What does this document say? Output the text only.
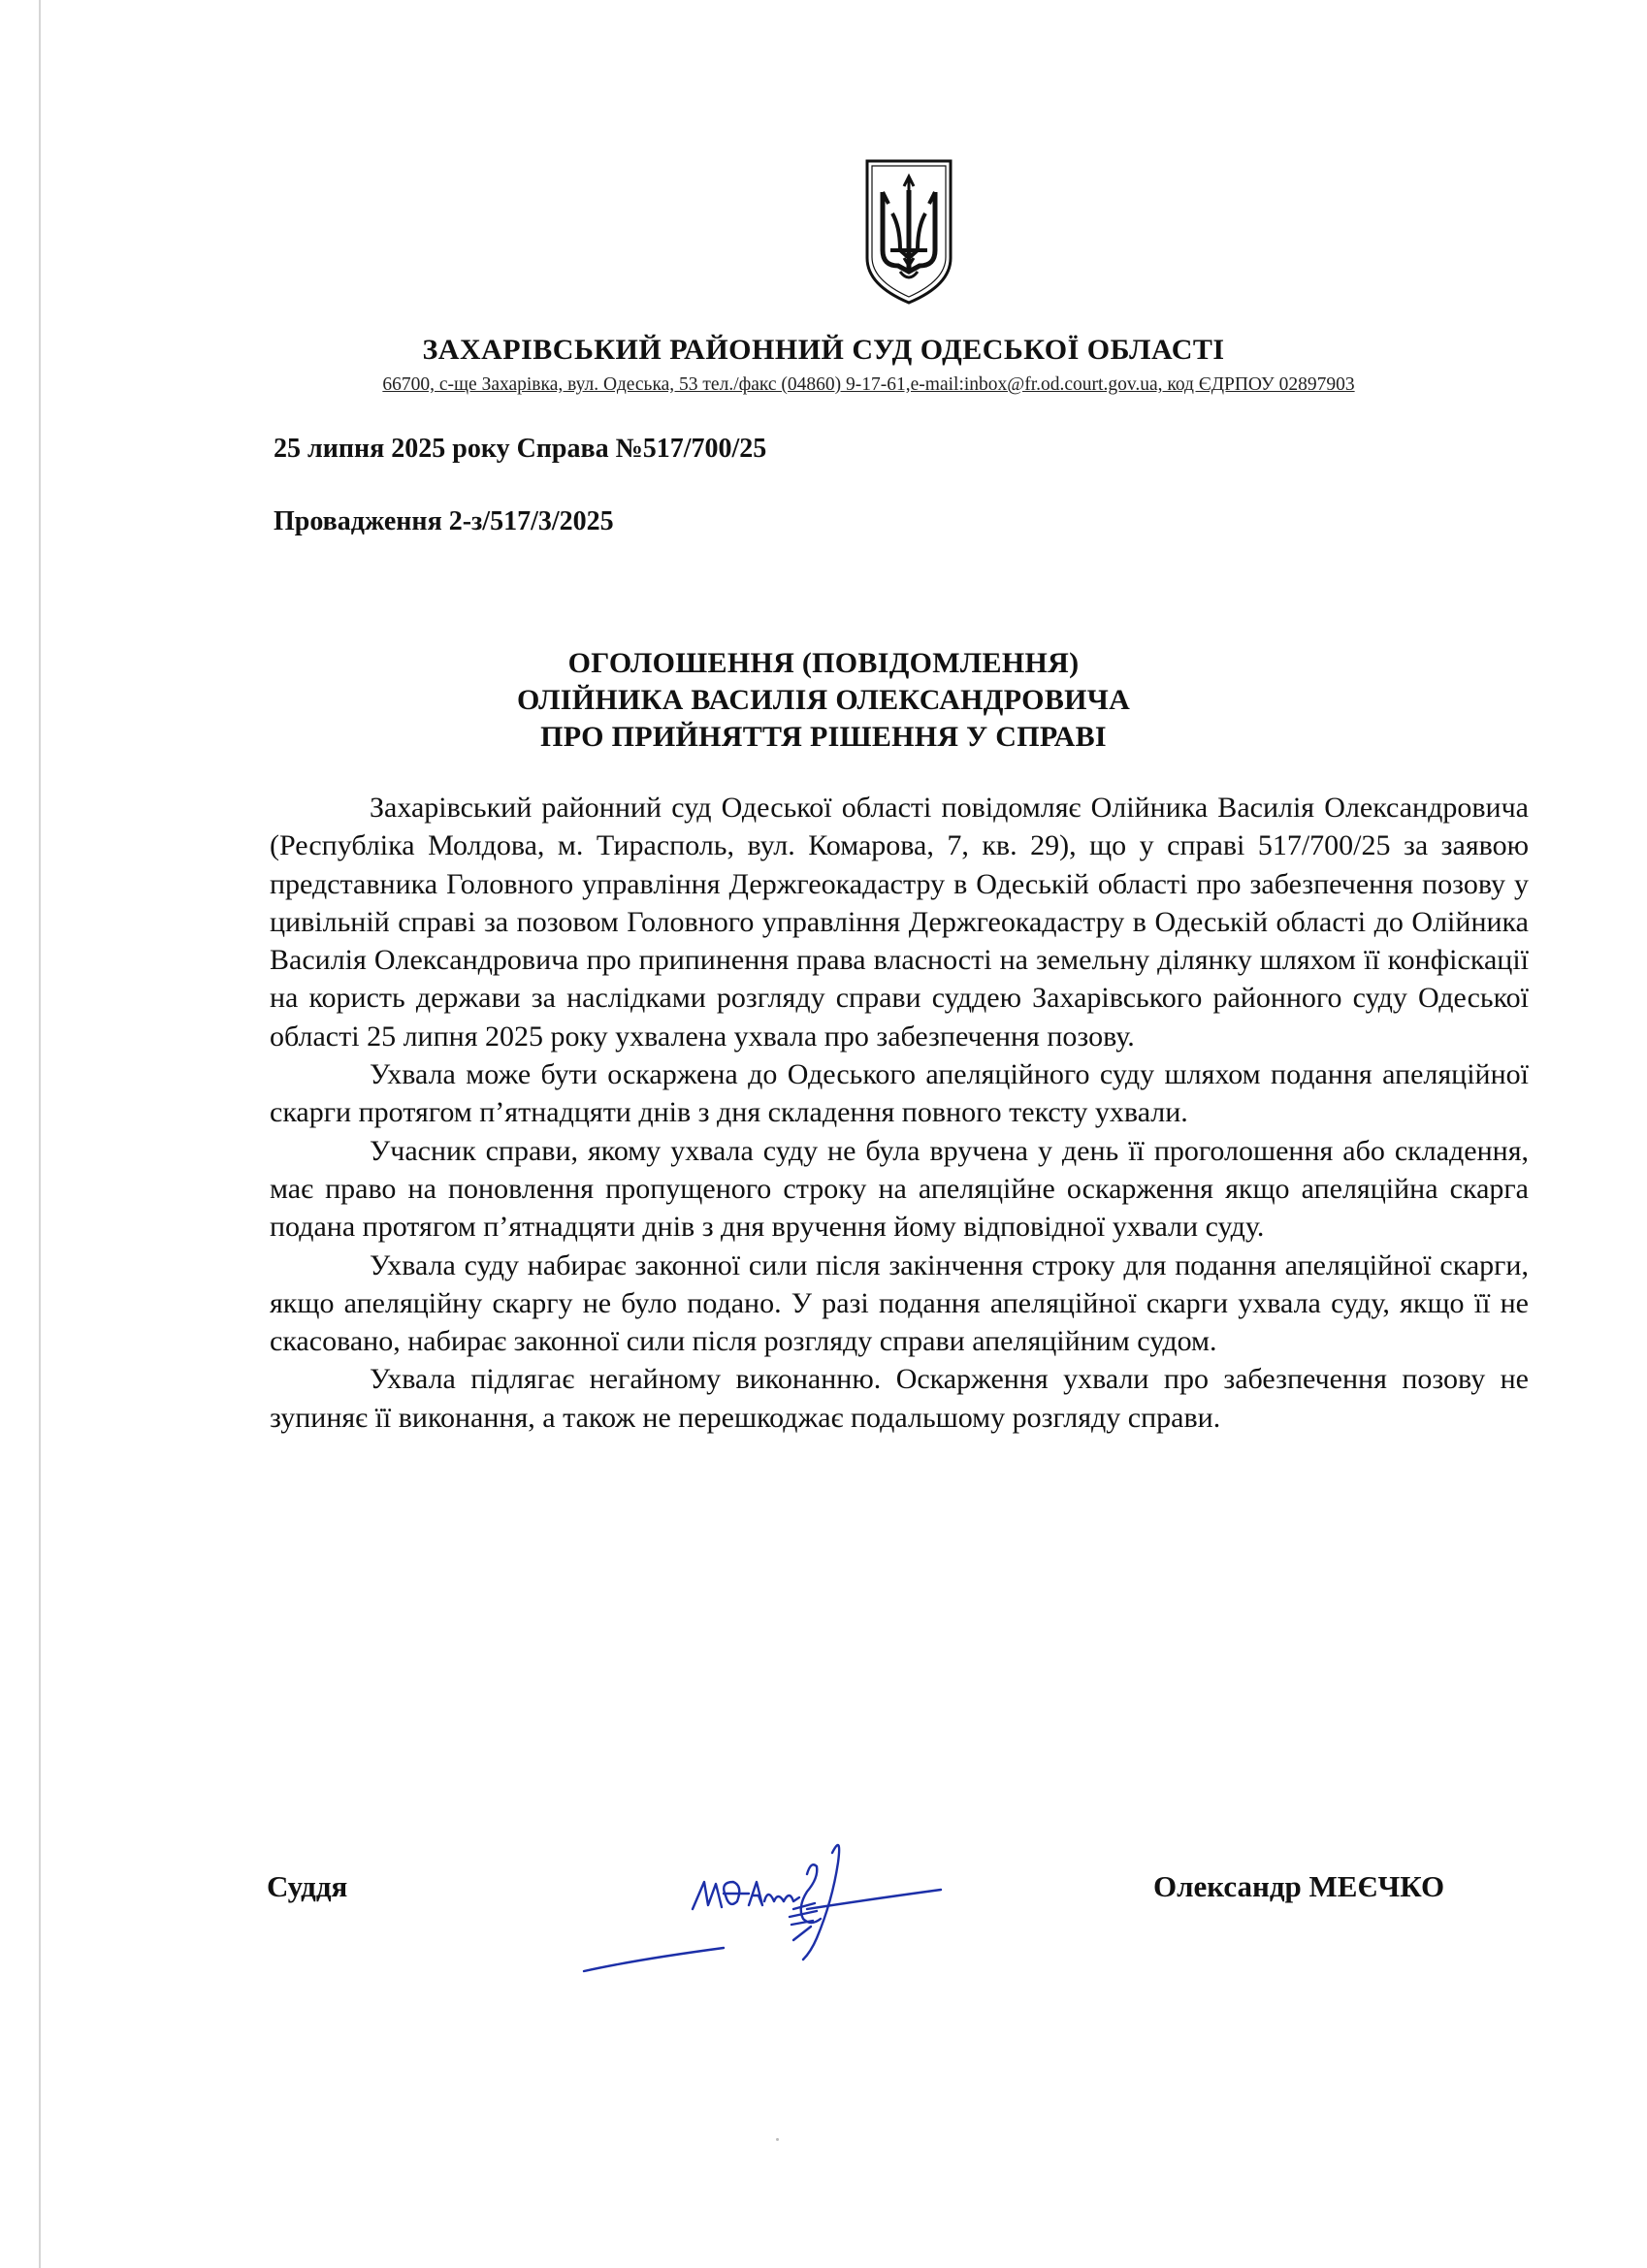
ЗАХАРІВСЬКИЙ РАЙОННИЙ СУД ОДЕСЬКОЇ ОБЛАСТІ
66700, с-ще Захарівка, вул. Одеська, 53 тел./факс (04860) 9-17-61,e-mail:inbox@fr.od.court.gov.ua, код ЄДРПОУ 02897903
25 липня 2025 року Справа №517/700/25
Провадження 2-з/517/3/2025
ОГОЛОШЕННЯ (ПОВІДОМЛЕННЯ)
ОЛІЙНИКА ВАСИЛІЯ ОЛЕКСАНДРОВИЧА
ПРО ПРИЙНЯТТЯ РІШЕННЯ У СПРАВІ

Захарівський районний суд Одеської області повідомляє Олійника Василія Олександровича (Республіка Молдова, м. Тирасполь, вул. Комарова, 7, кв. 29), що у справі 517/700/25 за заявою представника Головного управління Держгеокадастру в Одеській області про забезпечення позову у цивільній справі за позовом Головного управління Держгеокадастру в Одеській області до Олійника Василія Олександровича про припинення права власності на земельну ділянку шляхом її конфіскації на користь держави за наслідками розгляду справи суддею Захарівського районного суду Одеської області 25 липня 2025 року ухвалена ухвала про забезпечення позову.

Ухвала може бути оскаржена до Одеського апеляційного суду шляхом подання апеляційної скарги протягом п’ятнадцяти днів з дня складення повного тексту ухвали.

Учасник справи, якому ухвала суду не була вручена у день її проголошення або складення, має право на поновлення пропущеного строку на апеляційне оскарження якщо апеляційна скарга подана протягом п’ятнадцяти днів з дня вручення йому відповідної ухвали суду.

Ухвала суду набирає законної сили після закінчення строку для подання апеляційної скарги, якщо апеляційну скаргу не було подано. У разі подання апеляційної скарги ухвала суду, якщо її не скасовано, набирає законної сили після розгляду справи апеляційним судом.

Ухвала підлягає негайному виконанню. Оскарження ухвали про забезпечення позову не зупиняє її виконання, а також не перешкоджає подальшому розгляду справи.

Суддя	Олександр МЕЄЧКО
